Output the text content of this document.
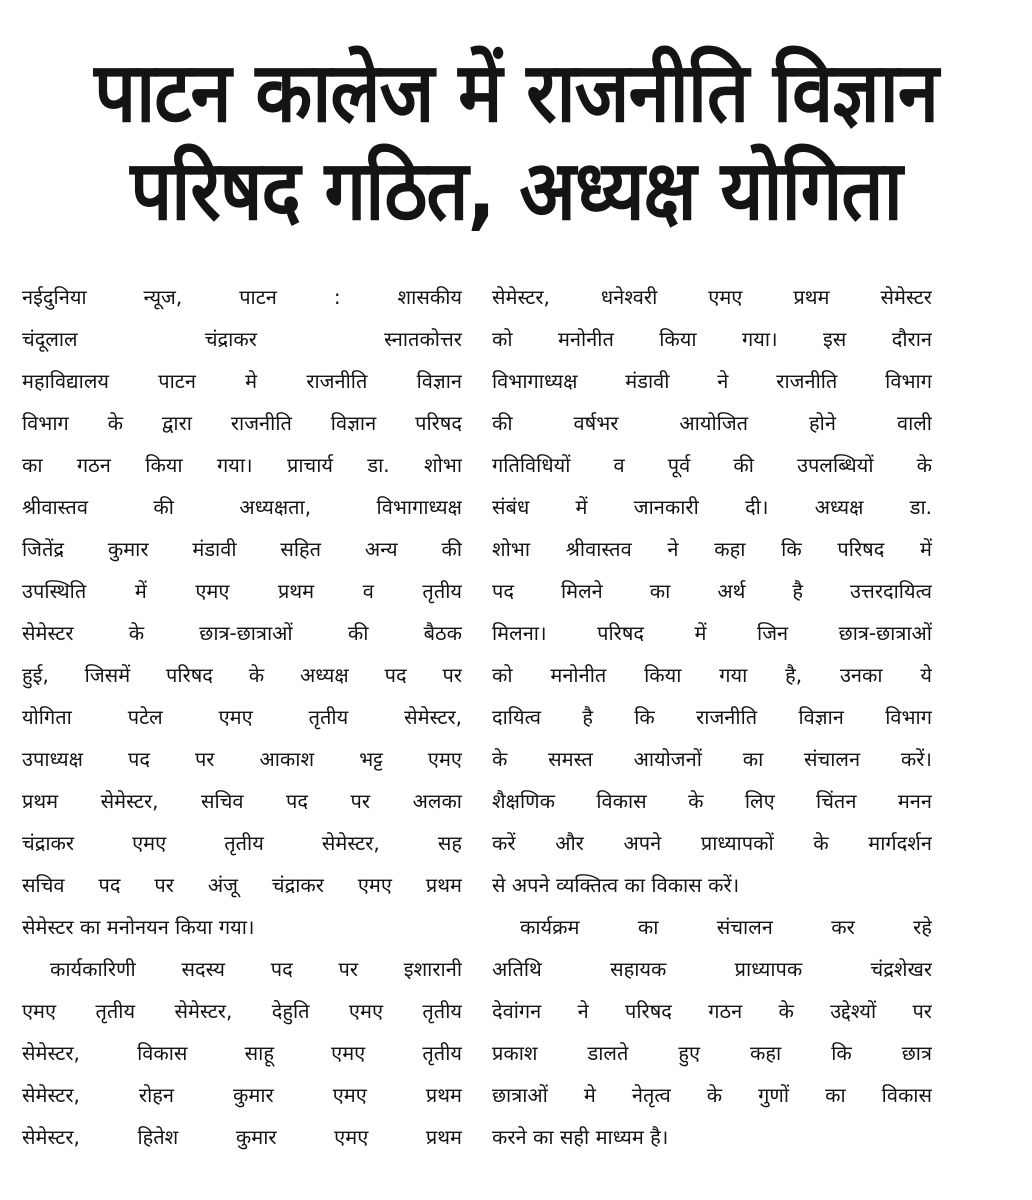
पाटन कालेज में राजनीति विज्ञान
परिषद गठित, अध्यक्ष योगिता
नईदुनिया न्यूज, पाटन : शासकीय
चंदूलाल चंद्राकर स्नातकोत्तर
महाविद्यालय पाटन मे राजनीति विज्ञान
विभाग के द्वारा राजनीति विज्ञान परिषद
का गठन किया गया। प्राचार्य डा. शोभा
श्रीवास्तव की अध्यक्षता, विभागाध्यक्ष
जितेंद्र कुमार मंडावी सहित अन्य की
उपस्थिति में एमए प्रथम व तृतीय
सेमेस्टर के छात्र-छात्राओं की बैठक
हुई, जिसमें परिषद के अध्यक्ष पद पर
योगिता पटेल एमए तृतीय सेमेस्टर,
उपाध्यक्ष पद पर आकाश भट्ट एमए
प्रथम सेमेस्टर, सचिव पद पर अलका
चंद्राकर एमए तृतीय सेमेस्टर, सह
सचिव पद पर अंजू चंद्राकर एमए प्रथम
सेमेस्टर का मनोनयन किया गया।
कार्यकारिणी सदस्य पद पर इशारानी
एमए तृतीय सेमेस्टर, देहुति एमए तृतीय
सेमेस्टर, विकास साहू एमए तृतीय
सेमेस्टर, रोहन कुमार एमए प्रथम
सेमेस्टर, हितेश कुमार एमए प्रथम
सेमेस्टर, धनेश्वरी एमए प्रथम सेमेस्टर
को मनोनीत किया गया। इस दौरान
विभागाध्यक्ष मंडावी ने राजनीति विभाग
की वर्षभर आयोजित होने वाली
गतिविधियों व पूर्व की उपलब्धियों के
संबंध में जानकारी दी। अध्यक्ष डा.
शोभा श्रीवास्तव ने कहा कि परिषद में
पद मिलने का अर्थ है उत्तरदायित्व
मिलना। परिषद में जिन छात्र-छात्राओं
को मनोनीत किया गया है, उनका ये
दायित्व है कि राजनीति विज्ञान विभाग
के समस्त आयोजनों का संचालन करें।
शैक्षणिक विकास के लिए चिंतन मनन
करें और अपने प्राध्यापकों के मार्गदर्शन
से अपने व्यक्तित्व का विकास करें।
कार्यक्रम का संचालन कर रहे
अतिथि सहायक प्राध्यापक चंद्रशेखर
देवांगन ने परिषद गठन के उद्देश्यों पर
प्रकाश डालते हुए कहा कि छात्र
छात्राओं मे नेतृत्व के गुणों का विकास
करने का सही माध्यम है।
